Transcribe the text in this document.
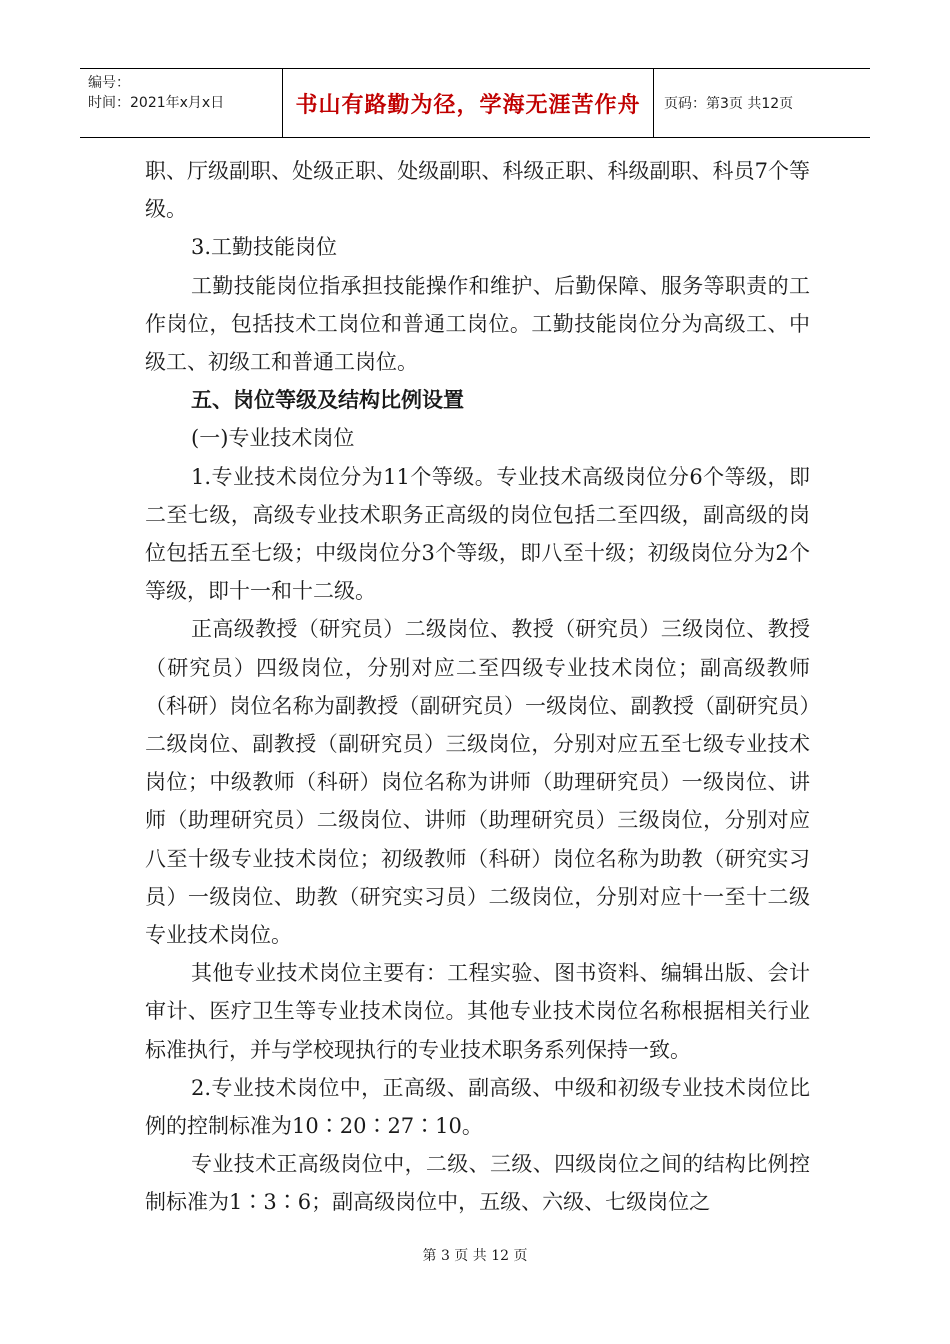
编号：
时间：2021年x月x日	书山有路勤为径，学海无涯苦作舟	页码：第3页 共12页

职、厅级副职、处级正职、处级副职、科级正职、科级副职、科员7个等级。

3.工勤技能岗位

工勤技能岗位指承担技能操作和维护、后勤保障、服务等职责的工作岗位，包括技术工岗位和普通工岗位。工勤技能岗位分为高级工、中级工、初级工和普通工岗位。

五、岗位等级及结构比例设置

(一)专业技术岗位

1.专业技术岗位分为11个等级。专业技术高级岗位分6个等级，即二至七级，高级专业技术职务正高级的岗位包括二至四级，副高级的岗位包括五至七级；中级岗位分3个等级，即八至十级；初级岗位分为2个等级，即十一和十二级。

正高级教授（研究员）二级岗位、教授（研究员）三级岗位、教授（研究员）四级岗位，分别对应二至四级专业技术岗位；副高级教师（科研）岗位名称为副教授（副研究员）一级岗位、副教授（副研究员）二级岗位、副教授（副研究员）三级岗位，分别对应五至七级专业技术岗位；中级教师（科研）岗位名称为讲师（助理研究员）一级岗位、讲师（助理研究员）二级岗位、讲师（助理研究员）三级岗位，分别对应八至十级专业技术岗位；初级教师（科研）岗位名称为助教（研究实习员）一级岗位、助教（研究实习员）二级岗位，分别对应十一至十二级专业技术岗位。

其他专业技术岗位主要有：工程实验、图书资料、编辑出版、会计审计、医疗卫生等专业技术岗位。其他专业技术岗位名称根据相关行业标准执行，并与学校现执行的专业技术职务系列保持一致。

2.专业技术岗位中，正高级、副高级、中级和初级专业技术岗位比例的控制标准为10∶20∶27∶10。

专业技术正高级岗位中，二级、三级、四级岗位之间的结构比例控制标准为1∶3∶6；副高级岗位中，五级、六级、七级岗位之

第 3 页 共 12 页
